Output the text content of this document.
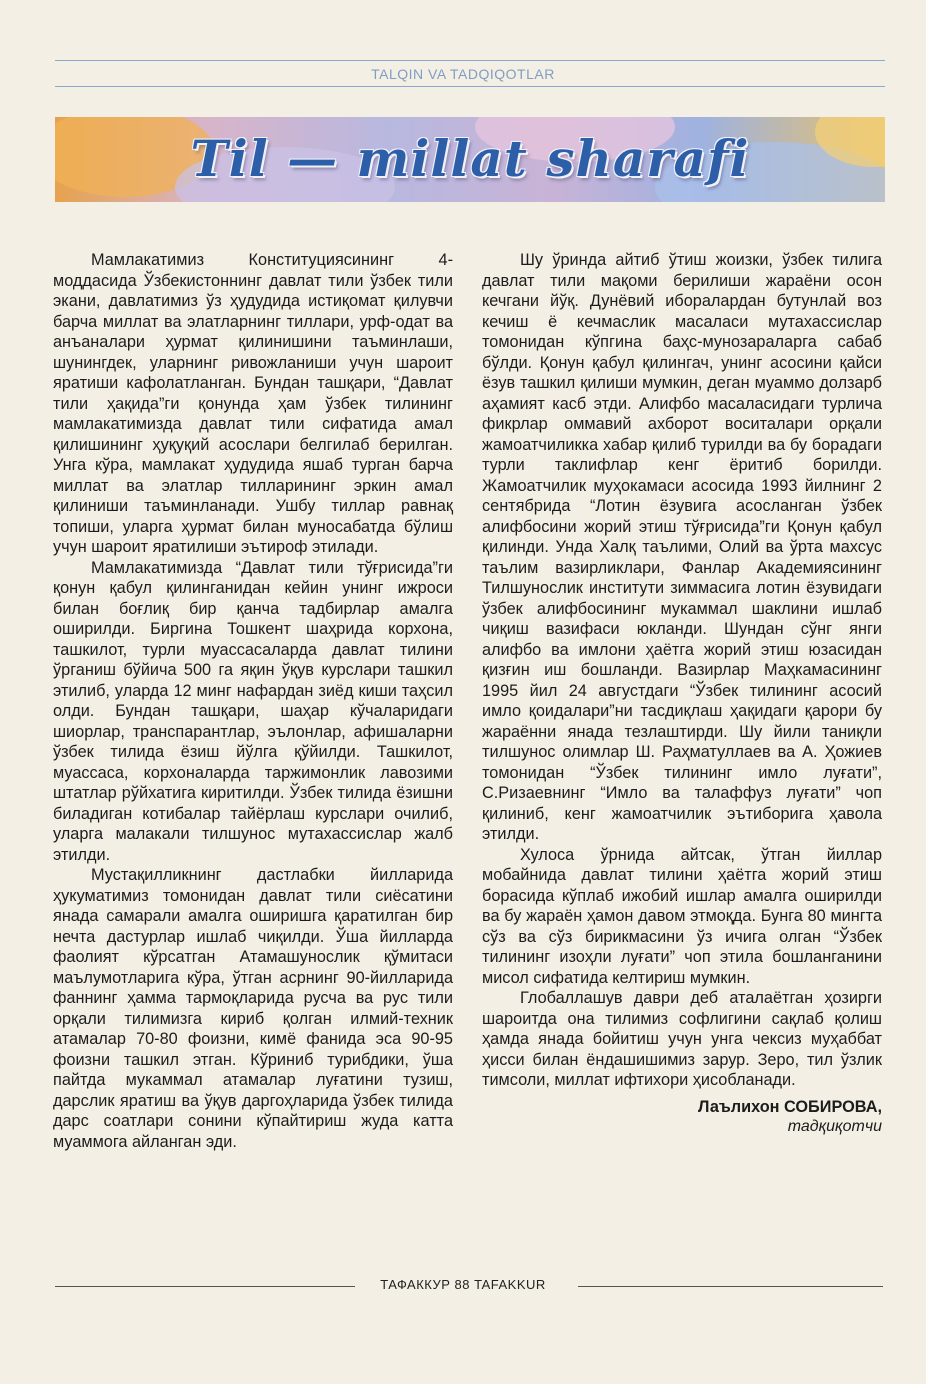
TALQIN VA TADQIQOTLAR
Til — millat sharafi

Мамлакатимиз Конституциясининг 4-моддасида Ўзбекистоннинг давлат тили ўзбек тили экани, давлатимиз ўз ҳудудида истиқомат қилувчи барча миллат ва элатларнинг тиллари, урф-одат ва анъаналари ҳурмат қилинишини таъминлаши, шунингдек, уларнинг ривожланиши учун шароит яратиши кафолатланган. Бундан ташқари, “Давлат тили ҳақида”ги қонунда ҳам ўзбек тилининг мамлакатимизда давлат тили сифатида амал қилишининг ҳуқуқий асослари белгилаб берилган. Унга кўра, мамлакат ҳудудида яшаб турган барча миллат ва элатлар тилларининг эркин амал қилиниши таъминланади. Ушбу тиллар равнақ топиши, уларга ҳурмат билан муносабатда бўлиш учун шароит яратилиши эътироф этилади.

Мамлакатимизда “Давлат тили тўғрисида”ги қонун қабул қилинганидан кейин унинг ижроси билан боғлиқ бир қанча тадбирлар амалга оширилди. Биргина Тошкент шаҳрида корхона, ташкилот, турли муассасаларда давлат тилини ўрганиш бўйича 500 га яқин ўқув курслари ташкил этилиб, уларда 12 минг нафардан зиёд киши таҳсил олди. Бундан ташқари, шаҳар кўчаларидаги шиорлар, транспарантлар, эълонлар, афишаларни ўзбек тилида ёзиш йўлга қўйилди. Ташкилот, муассаса, корхоналарда таржимонлик лавозими штатлар рўйхатига киритилди. Ўзбек тилида ёзишни биладиган котибалар тайёрлаш курслари очилиб, уларга малакали тилшунос мутахассислар жалб этилди.

Мустақилликнинг дастлабки йилларида ҳукуматимиз томонидан давлат тили сиёсатини янада самарали амалга оширишга қаратилган бир нечта дастурлар ишлаб чиқилди. Ўша йилларда фаолият кўрсатган Атамашунослик қўмитаси маълумотларига кўра, ўтган асрнинг 90-йилларида фаннинг ҳамма тармоқларида русча ва рус тили орқали тилимизга кириб қолган илмий-техник атамалар 70-80 фоизни, кимё фанида эса 90-95 фоизни ташкил этган. Кўриниб турибдики, ўша пайтда мукаммал атамалар луғатини тузиш, дарслик яратиш ва ўқув даргоҳларида ўзбек тилида дарс соатлари сонини кўпайтириш жуда катта муаммога айланган эди.

Шу ўринда айтиб ўтиш жоизки, ўзбек тилига давлат тили мақоми берилиши жараёни осон кечгани йўқ. Дунёвий иборалардан бутунлай воз кечиш ё кечмаслик масаласи мутахассислар томонидан кўпгина баҳс-мунозараларга сабаб бўлди. Қонун қабул қилингач, унинг асосини қайси ёзув ташкил қилиши мумкин, деган муаммо долзарб аҳамият касб этди. Алифбо масаласидаги турлича фикрлар оммавий ахборот воситалари орқали жамоатчиликка хабар қилиб турилди ва бу борадаги турли таклифлар кенг ёритиб борилди. Жамоатчилик муҳокамаси асосида 1993 йилнинг 2 сентябрида “Лотин ёзувига асосланган ўзбек алифбосини жорий этиш тўғрисида”ги Қонун қабул қилинди. Унда Халқ таълими, Олий ва ўрта махсус таълим вазирликлари, Фанлар Академиясининг Тилшунослик институти зиммасига лотин ёзувидаги ўзбек алифбосининг мукаммал шаклини ишлаб чиқиш вазифаси юкланди. Шундан сўнг янги алифбо ва имлони ҳаётга жорий этиш юзасидан қизғин иш бошланди. Вазирлар Маҳкамасининг 1995 йил 24 августдаги “Ўзбек тилининг асосий имло қоидалари”ни тасдиқлаш ҳақидаги қарори бу жараённи янада тезлаштирди. Шу йили таниқли тилшунос олимлар Ш. Раҳматуллаев ва А. Ҳожиев томонидан “Ўзбек тилининг имло луғати”, С.Ризаевнинг “Имло ва талаффуз луғати” чоп қилиниб, кенг жамоатчилик эътиборига ҳавола этилди.

Хулоса ўрнида айтсак, ўтган йиллар мобайнида давлат тилини ҳаётга жорий этиш борасида кўплаб ижобий ишлар амалга оширилди ва бу жараён ҳамон давом этмоқда. Бунга 80 мингта сўз ва сўз бирикмасини ўз ичига олган “Ўзбек тилининг изоҳли луғати” чоп этила бошланганини мисол сифатида келтириш мумкин.

Глобаллашув даври деб аталаётган ҳозирги шароитда она тилимиз софлигини сақлаб қолиш ҳамда янада бойитиш учун унга чексиз муҳаббат ҳисси билан ёндашишимиз зарур. Зеро, тил ўзлик тимсоли, миллат ифтихори ҳисобланади.

Лаълихон СОБИРОВА,
тадқиқотчи
ТАФАККУР 88 TAFAKKUR
